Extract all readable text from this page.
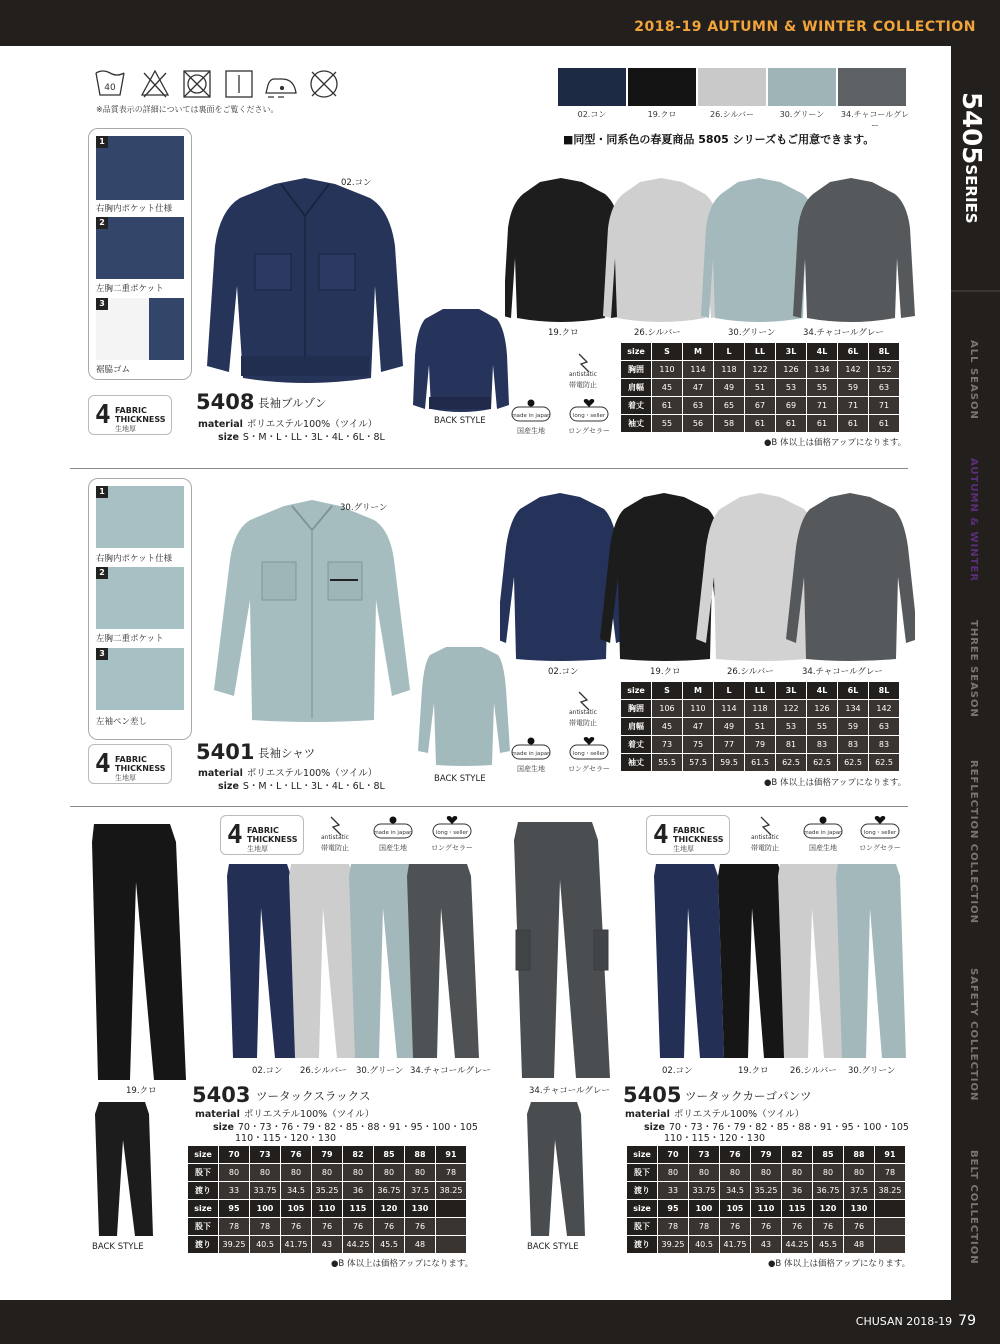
2018-19 AUTUMN & WINTER COLLECTION
CHUSAN 2018-19 79
5405SERIES
ALL SEASON
AUTUMN & WINTER
THREE SEASON
REFLECTION COLLECTION
SAFETY COLLECTION
BELT COLLECTION
40
※品質表示の詳細については裏面をご覧ください。
02.コン	19.クロ	26.シルバー	30.グリーン	34.チャコールグレー
■同型・同系色の春夏商品 5805 シリーズもご用意できます。
1
右胸内ポケット仕様
2
左胸二重ポケット
3
裾脇ゴム
02.コン
BACK STYLE
19.クロ	26.シルバー	30.グリーン	34.チャコールグレー
4 FABRIC
THICKNESS
生地厚
5408 長袖ブルゾン
material ポリエステル100%（ツイル）
size S・M・L・LL・3L・4L・6L・8L
antistatic
帯電防止
made in japan
国産生地
long・seller
ロングセラー
size	S	M	L	LL	3L	4L	6L	8L
胸囲	110	114	118	122	126	134	142	152
肩幅	45	47	49	51	53	55	59	63
着丈	61	63	65	67	69	71	71	71
袖丈	55	56	58	61	61	61	61	61
●B 体以上は価格アップになります。
1
右胸内ポケット仕様
2
左胸二重ポケット
3
左袖ペン差し
30.グリーン
BACK STYLE
02.コン	19.クロ	26.シルバー	34.チャコールグレー
4 FABRIC
THICKNESS
生地厚
5401 長袖シャツ
material ポリエステル100%（ツイル）
size S・M・L・LL・3L・4L・6L・8L
antistatic
帯電防止
made in japan
国産生地
long・seller
ロングセラー
size	S	M	L	LL	3L	4L	6L	8L
胸囲	106	110	114	118	122	126	134	142
肩幅	45	47	49	51	53	55	59	63
着丈	73	75	77	79	81	83	83	83
袖丈	55.5	57.5	59.5	61.5	62.5	62.5	62.5	62.5
●B 体以上は価格アップになります。
19.クロ
BACK STYLE
4 FABRIC
THICKNESS
生地厚
antistatic
帯電防止
made in japan
国産生地
long・seller
ロングセラー
02.コン 26.シルバー 30.グリーン 34.チャコールグレー
5403 ツータックスラックス
material ポリエステル100%（ツイル）
size 70・73・76・79・82・85・88・91・95・100・105
110・115・120・130
size	70	73	76	79	82	85	88	91
股下	80	80	80	80	80	80	80	78
渡り	33	33.75	34.5	35.25	36	36.75	37.5	38.25
size	95	100	105	110	115	120	130	
股下	78	78	76	76	76	76	76	
渡り	39.25	40.5	41.75	43	44.25	45.5	48	
●B 体以上は価格アップになります。
34.チャコールグレー
BACK STYLE
4 FABRIC
THICKNESS
生地厚
antistatic
帯電防止
made in japan
国産生地
long・seller
ロングセラー
02.コン	19.クロ	26.シルバー 30.グリーン
5405 ツータックカーゴパンツ
material ポリエステル100%（ツイル）
size 70・73・76・79・82・85・88・91・95・100・105
110・115・120・130
size	70	73	76	79	82	85	88	91
股下	80	80	80	80	80	80	80	78
渡り	33	33.75	34.5	35.25	36	36.75	37.5	38.25
size	95	100	105	110	115	120	130	
股下	78	78	76	76	76	76	76	
渡り	39.25	40.5	41.75	43	44.25	45.5	48	
●B 体以上は価格アップになります。
